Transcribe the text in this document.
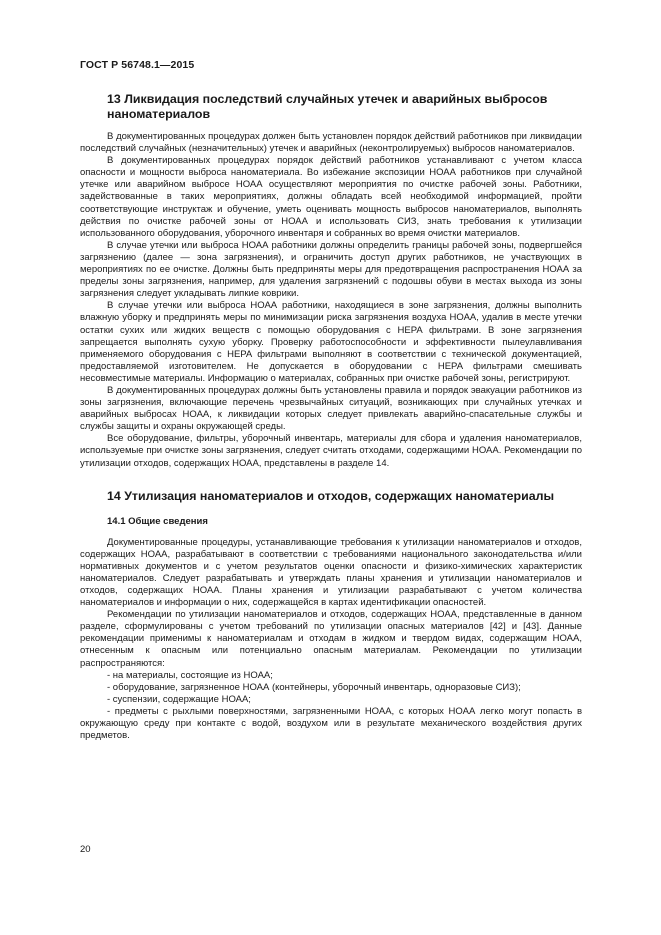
ГОСТ Р 56748.1—2015
13 Ликвидация последствий случайных утечек и аварийных выбросов наноматериалов

В документированных процедурах должен быть установлен порядок действий работников при ликвидации последствий случайных (незначительных) утечек и аварийных (неконтролируемых) выбросов наноматериалов.

В документированных процедурах порядок действий работников устанавливают с учетом класса опасности и мощности выброса наноматериала. Во избежание экспозиции НОАА работников при случайной утечке или аварийном выбросе НОАА осуществляют мероприятия по очистке рабочей зоны. Работники, задействованные в таких мероприятиях, должны обладать всей необходимой информацией, пройти соответствующие инструктаж и обучение, уметь оценивать мощность выбросов наноматериалов, выполнять действия по очистке рабочей зоны от НОАА и использовать СИЗ, знать требования к утилизации использованного оборудования, уборочного инвентаря и собранных во время очистки материалов.

В случае утечки или выброса НОАА работники должны определить границы рабочей зоны, подвергшейся загрязнению (далее — зона загрязнения), и ограничить доступ других работников, не участвующих в мероприятиях по ее очистке. Должны быть предприняты меры для предотвращения распространения НОАА за пределы зоны загрязнения, например, для удаления загрязнений с подошвы обуви в местах выхода из зоны загрязнения следует укладывать липкие коврики.

В случае утечки или выброса НОАА работники, находящиеся в зоне загрязнения, должны выполнить влажную уборку и предпринять меры по минимизации риска загрязнения воздуха НОАА, удалив в месте утечки остатки сухих или жидких веществ с помощью оборудования с HEPA фильтрами. В зоне загрязнения запрещается выполнять сухую уборку. Проверку работоспособности и эффективности пылеулавливания применяемого оборудования с HEPA фильтрами выполняют в соответствии с технической документацией, предоставляемой изготовителем. Не допускается в оборудовании с HEPA фильтрами смешивать несовместимые материалы. Информацию о материалах, собранных при очистке рабочей зоны, регистрируют.

В документированных процедурах должны быть установлены правила и порядок эвакуации работников из зоны загрязнения, включающие перечень чрезвычайных ситуаций, возникающих при случайных утечках и аварийных выбросах НОАА, к ликвидации которых следует привлекать аварийно-спасательные службы и службы защиты и охраны окружающей среды.

Все оборудование, фильтры, уборочный инвентарь, материалы для сбора и удаления наноматериалов, используемые при очистке зоны загрязнения, следует считать отходами, содержащими НОАА. Рекомендации по утилизации отходов, содержащих НОАА, представлены в разделе 14.

14 Утилизация наноматериалов и отходов, содержащих наноматериалы
14.1 Общие сведения

Документированные процедуры, устанавливающие требования к утилизации наноматериалов и отходов, содержащих НОАА, разрабатывают в соответствии с требованиями национального законодательства и/или нормативных документов и с учетом результатов оценки опасности и физико-химических характеристик наноматериалов. Следует разрабатывать и утверждать планы хранения и утилизации наноматериалов и отходов, содержащих НОАА. Планы хранения и утилизации разрабатывают с учетом количества наноматериалов и информации о них, содержащейся в картах идентификации опасностей.

Рекомендации по утилизации наноматериалов и отходов, содержащих НОАА, представленные в данном разделе, сформулированы с учетом требований по утилизации опасных материалов [42] и [43]. Данные рекомендации применимы к наноматериалам и отходам в жидком и твердом видах, содержащим НОАА, отнесенным к опасным или потенциально опасным материалам. Рекомендации по утилизации распространяются:

- на материалы, состоящие из НОАА;
- оборудование, загрязненное НОАА (контейнеры, уборочный инвентарь, одноразовые СИЗ);
- суспензии, содержащие НОАА;
- предметы с рыхлыми поверхностями, загрязненными НОАА, с которых НОАА легко могут попасть в окружающую среду при контакте с водой, воздухом или в результате механического воздействия других предметов.
20
